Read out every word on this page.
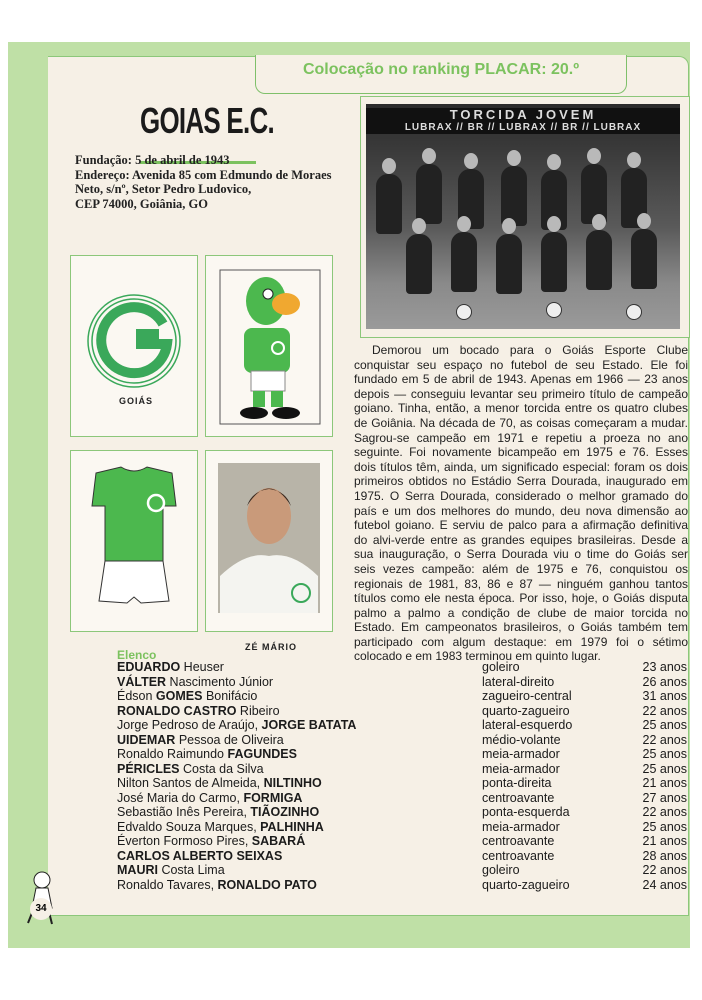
Colocação no ranking PLACAR: 20.º
GOIAS E.C.
Fundação: 5 de abril de 1943
Endereço: Avenida 85 com Edmundo de Moraes
Neto, s/nº, Setor Pedro Ludovico,
CEP 74000, Goiânia, GO
TORCIDA JOVEM
LUBRAX // BR // LUBRAX // BR // LUBRAX
GOIÁS
ZÉ MÁRIO
Demorou um bocado para o Goiás Esporte Clube conquistar seu espaço no futebol de seu Estado. Ele foi fundado em 5 de abril de 1943. Apenas em 1966 — 23 anos depois — conseguiu levantar seu primeiro título de campeão goiano. Tinha, então, a menor torcida entre os quatro clubes de Goiânia. Na década de 70, as coisas começaram a mudar. Sagrou-se campeão em 1971 e repetiu a proeza no ano seguinte. Foi novamente bicampeão em 1975 e 76. Esses dois títulos têm, ainda, um significado especial: foram os dois primeiros obtidos no Estádio Serra Dourada, inaugurado em 1975. O Serra Dourada, considerado o melhor gramado do país e um dos melhores do mundo, deu nova dimensão ao futebol goiano. E serviu de palco para a afirmação definitiva do alvi-verde entre as grandes equipes brasileiras. Desde a sua inauguração, o Serra Dourada viu o time do Goiás ser seis vezes campeão: além de 1975 e 76, conquistou os regionais de 1981, 83, 86 e 87 — ninguém ganhou tantos títulos como ele nesta época. Por isso, hoje, o Goiás disputa palmo a palmo a condição de clube de maior torcida no Estado. Em campeonatos brasileiros, o Goiás também tem participado com algum destaque: em 1979 foi o sétimo colocado e em 1983 terminou em quinto lugar.
Elenco
EDUARDO Heuser	goleiro	23 anos
VÁLTER Nascimento Júnior	lateral-direito	26 anos
Édson GOMES Bonifácio	zagueiro-central	31 anos
RONALDO CASTRO Ribeiro	quarto-zagueiro	22 anos
Jorge Pedroso de Araújo, JORGE BATATA	lateral-esquerdo	25 anos
UIDEMAR Pessoa de Oliveira	médio-volante	22 anos
Ronaldo Raimundo FAGUNDES	meia-armador	25 anos
PÉRICLES Costa da Silva	meia-armador	25 anos
Nilton Santos de Almeida, NILTINHO	ponta-direita	21 anos
José Maria do Carmo, FORMIGA	centroavante	27 anos
Sebastião Inês Pereira, TIÃOZINHO	ponta-esquerda	22 anos
Edvaldo Souza Marques, PALHINHA	meia-armador	25 anos
Éverton Formoso Pires, SABARÁ	centroavante	21 anos
CARLOS ALBERTO SEIXAS	centroavante	28 anos
MAURI Costa Lima	goleiro	22 anos
Ronaldo Tavares, RONALDO PATO	quarto-zagueiro	24 anos
34
